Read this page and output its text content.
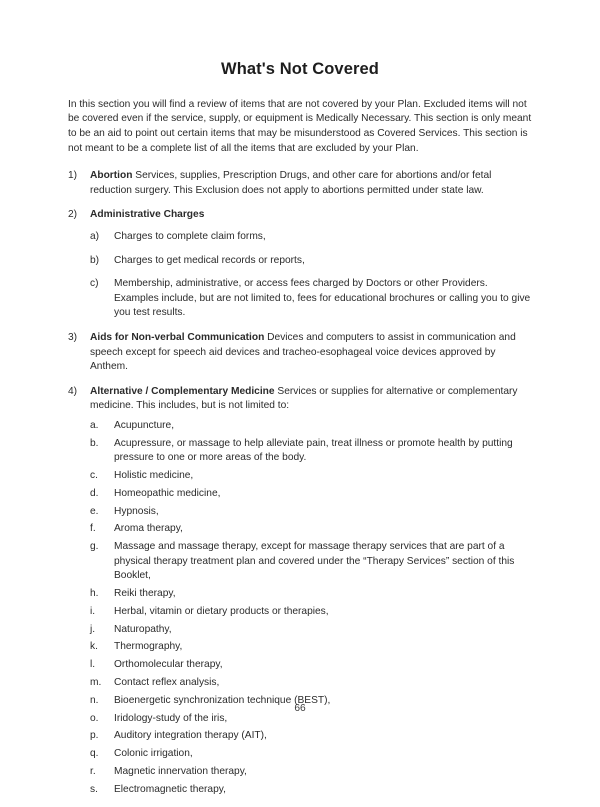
What's Not Covered

In this section you will find a review of items that are not covered by your Plan. Excluded items will not be covered even if the service, supply, or equipment is Medically Necessary. This section is only meant to be an aid to point out certain items that may be misunderstood as Covered Services. This section is not meant to be a complete list of all the items that are excluded by your Plan.

1)	Abortion Services, supplies, Prescription Drugs, and other care for abortions and/or fetal reduction surgery. This Exclusion does not apply to abortions permitted under state law.
2)	Administrative Charges
a)	Charges to complete claim forms,
b)	Charges to get medical records or reports,
c)	Membership, administrative, or access fees charged by Doctors or other Providers. Examples include, but are not limited to, fees for educational brochures or calling you to give you test results.
3)	Aids for Non-verbal Communication Devices and computers to assist in communication and speech except for speech aid devices and tracheo-esophageal voice devices approved by Anthem.
4)	Alternative / Complementary Medicine Services or supplies for alternative or complementary medicine. This includes, but is not limited to:
a.	Acupuncture,
b.	Acupressure, or massage to help alleviate pain, treat illness or promote health by putting pressure to one or more areas of the body.
c.	Holistic medicine,
d.	Homeopathic medicine,
e.	Hypnosis,
f.	Aroma therapy,
g.	Massage and massage therapy, except for massage therapy services that are part of a physical therapy treatment plan and covered under the “Therapy Services” section of this Booklet,
h.	Reiki therapy,
i.	Herbal, vitamin or dietary products or therapies,
j.	Naturopathy,
k.	Thermography,
l.	Orthomolecular therapy,
m.	Contact reflex analysis,
n.	Bioenergetic synchronization technique (BEST),
o.	Iridology-study of the iris,
p.	Auditory integration therapy (AIT),
q.	Colonic irrigation,
r.	Magnetic innervation therapy,
s.	Electromagnetic therapy,
66
